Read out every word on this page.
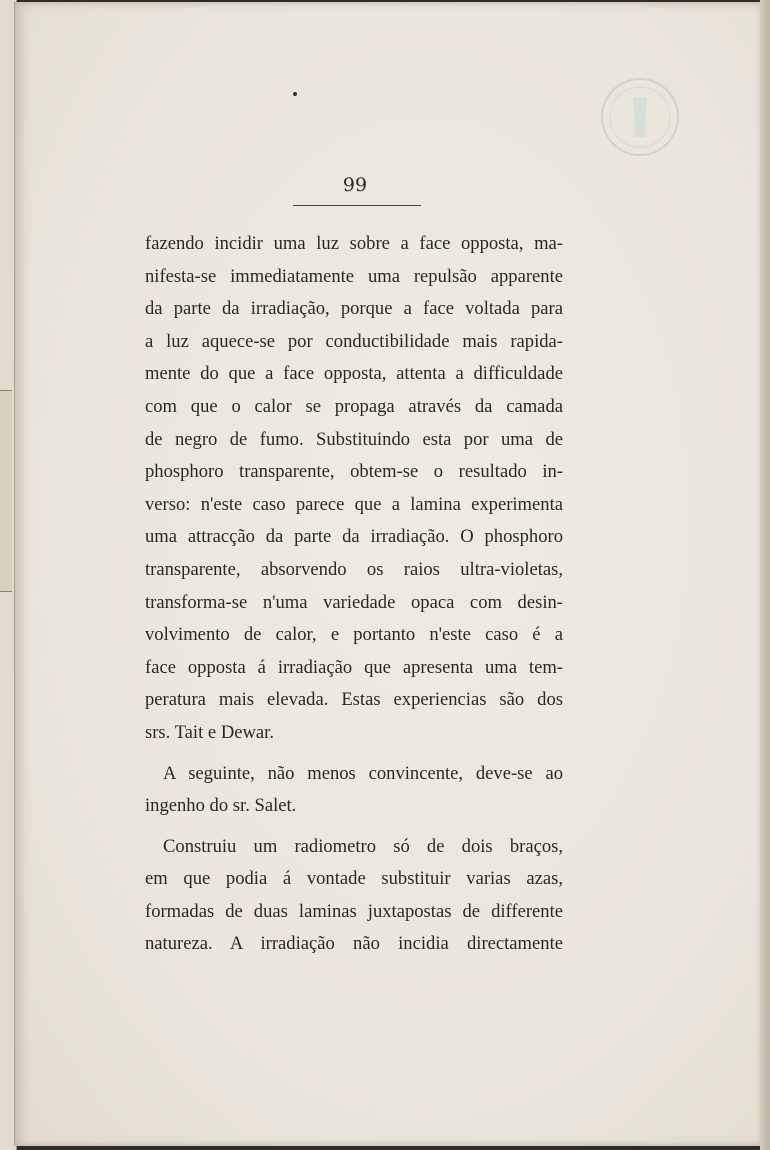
99
fazendo incidir uma luz sobre a face opposta, ma-
nifesta-se immediatamente uma repulsão apparente
da parte da irradiação, porque a face voltada para
a luz aquece-se por conductibilidade mais rapida-
mente do que a face opposta, attenta a difficuldade
com que o calor se propaga através da camada
de negro de fumo. Substituindo esta por uma de
phosphoro transparente, obtem-se o resultado in-
verso: n'este caso parece que a lamina experimenta
uma attracção da parte da irradiação. O phosphoro
transparente, absorvendo os raios ultra-violetas,
transforma-se n'uma variedade opaca com desin-
volvimento de calor, e portanto n'este caso é a
face opposta á irradiação que apresenta uma tem-
peratura mais elevada. Estas experiencias são dos
srs. Tait e Dewar.
A seguinte, não menos convincente, deve-se ao
ingenho do sr. Salet.
Construiu um radiometro só de dois braços,
em que podia á vontade substituir varias azas,
formadas de duas laminas juxtapostas de differente
natureza. A irradiação não incidia directamente
